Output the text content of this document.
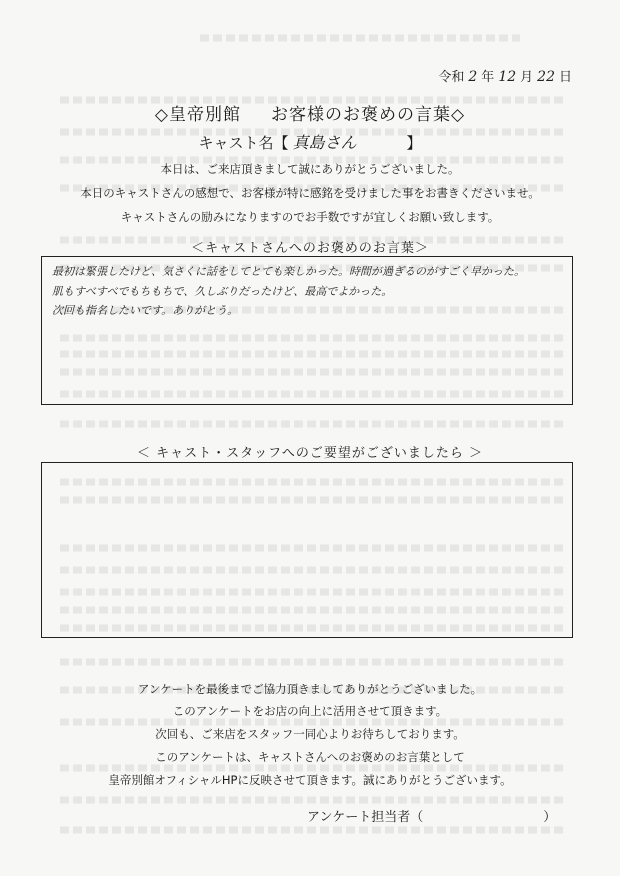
令和 2 年 12 月 22 日
◇皇帝別館 お客様のお褒めの言葉◇
キャスト名【 真島さん	】
本日は、ご来店頂きまして誠にありがとうございました。
本日のキャストさんの感想で、お客様が特に感銘を受けました事をお書きくださいませ。
キャストさんの励みになりますのでお手数ですが宜しくお願い致します。
＜キャストさんへのお褒めのお言葉＞
最初は緊張したけど、気さくに話をしてとても楽しかった。時間が過ぎるのがすごく早かった。
肌もすべすべでもちもちで、久しぶりだったけど、最高でよかった。
次回も指名したいです。ありがとう。
＜ キャスト・スタッフへのご要望がございましたら ＞
アンケートを最後までご協力頂きましてありがとうございました。
このアンケートをお店の向上に活用させて頂きます。
次回も、ご来店をスタッフ一同心よりお待ちしております。
このアンケートは、キャストさんへのお褒めのお言葉として
皇帝別館オフィシャルHPに反映させて頂きます。誠にありがとうございます。
アンケート担当者（	）
